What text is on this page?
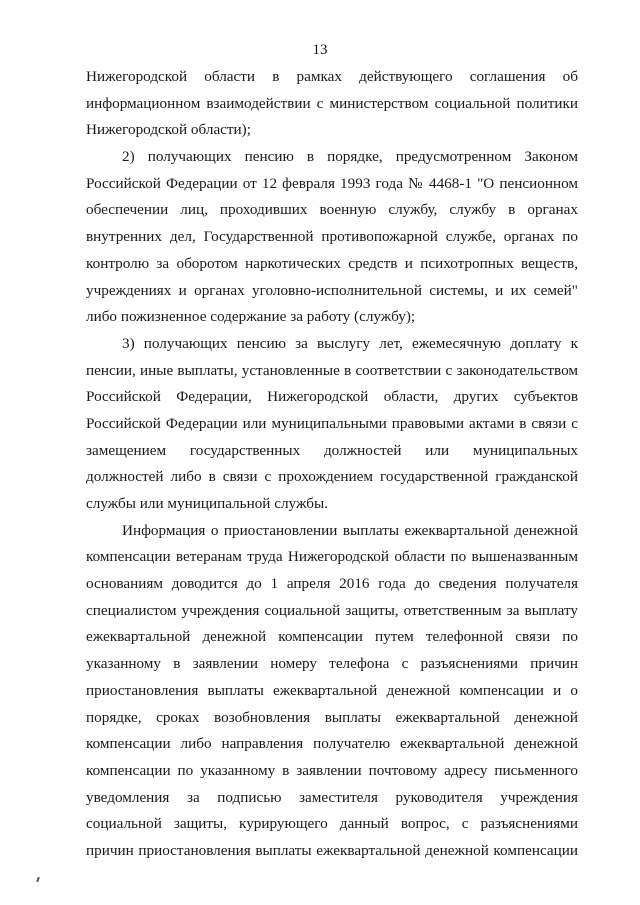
13
Нижегородской области в рамках действующего соглашения об
информационном взаимодействии с министерством социальной политики
Нижегородской области);
2) получающих пенсию в порядке, предусмотренном Законом
Российской Федерации от 12 февраля 1993 года № 4468-1 "О пенсионном
обеспечении лиц, проходивших военную службу, службу в органах
внутренних дел, Государственной противопожарной службе, органах по
контролю за оборотом наркотических средств и психотропных веществ,
учреждениях и органах уголовно-исполнительной системы, и их семей"
либо пожизненное содержание за работу (службу);
3) получающих пенсию за выслугу лет, ежемесячную доплату к
пенсии, иные выплаты, установленные в соответствии с законодательством
Российской Федерации, Нижегородской области, других субъектов
Российской Федерации или муниципальными правовыми актами в связи с
замещением государственных должностей или муниципальных
должностей либо в связи с прохождением государственной гражданской
службы или муниципальной службы.
Информация о приостановлении выплаты ежеквартальной денежной
компенсации ветеранам труда Нижегородской области по вышеназванным
основаниям доводится до 1 апреля 2016 года до сведения получателя
специалистом учреждения социальной защиты, ответственным за выплату
ежеквартальной денежной компенсации путем телефонной связи по
указанному в заявлении номеру телефона с разъяснениями причин
приостановления выплаты ежеквартальной денежной компенсации и о
порядке, сроках возобновления выплаты ежеквартальной денежной
компенсации либо направления получателю ежеквартальной денежной
компенсации по указанному в заявлении почтовому адресу письменного
уведомления за подписью заместителя руководителя учреждения
социальной защиты, курирующего данный вопрос, с разъяснениями
причин приостановления выплаты ежеквартальной денежной компенсации
